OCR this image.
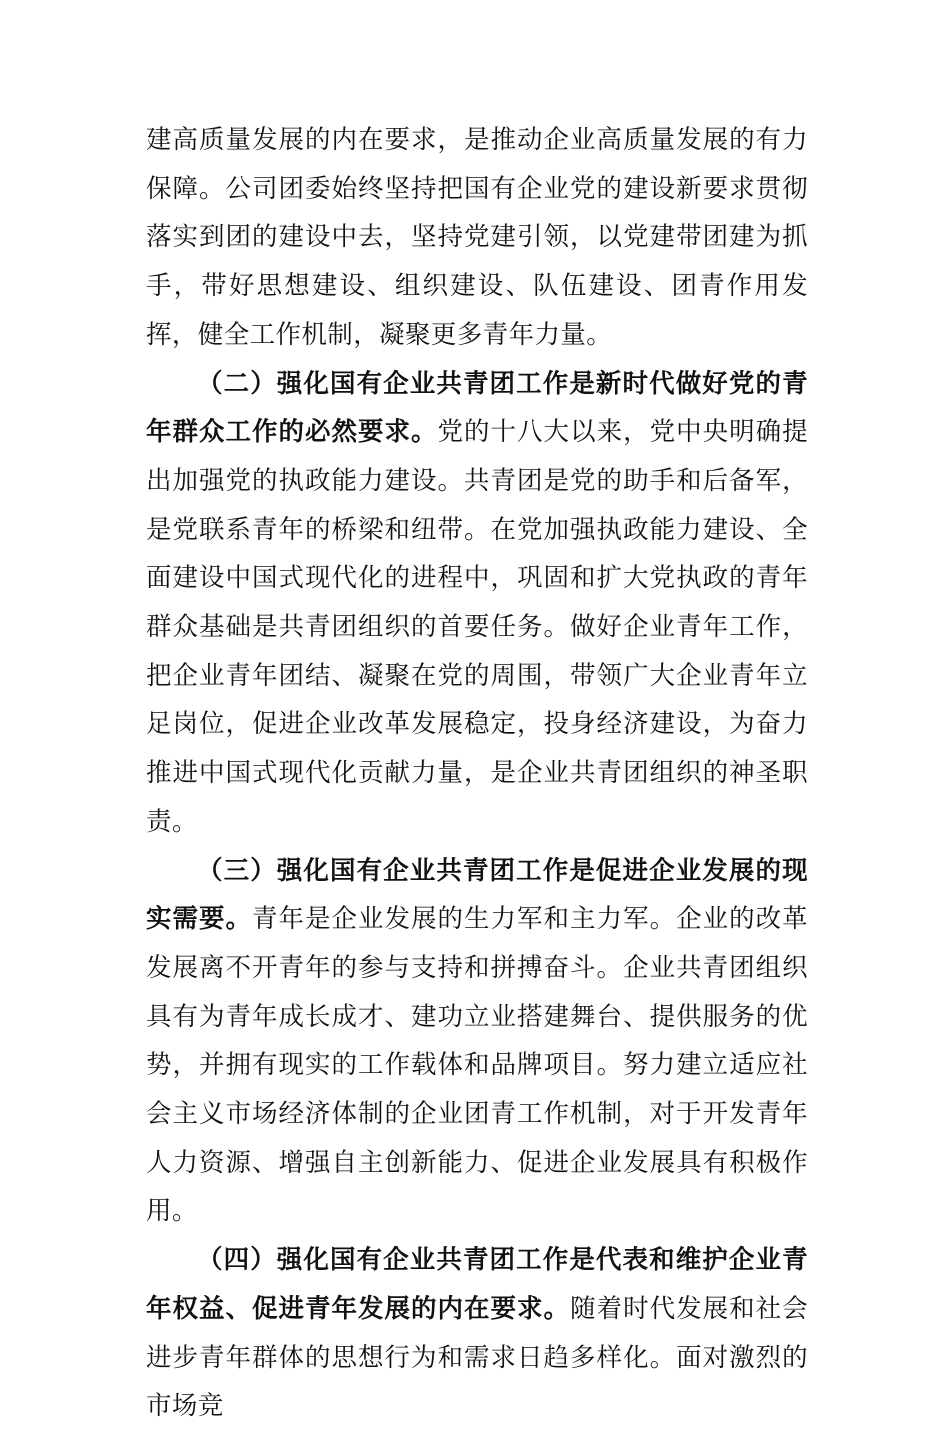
建高质量发展的内在要求，是推动企业高质量发展的有力保障。公司团委始终坚持把国有企业党的建设新要求贯彻落实到团的建设中去，坚持党建引领，以党建带团建为抓手，带好思想建设、组织建设、队伍建设、团青作用发挥，健全工作机制，凝聚更多青年力量。

（二）强化国有企业共青团工作是新时代做好党的青年群众工作的必然要求。党的十八大以来，党中央明确提出加强党的执政能力建设。共青团是党的助手和后备军，是党联系青年的桥梁和纽带。在党加强执政能力建设、全面建设中国式现代化的进程中，巩固和扩大党执政的青年群众基础是共青团组织的首要任务。做好企业青年工作，把企业青年团结、凝聚在党的周围，带领广大企业青年立足岗位，促进企业改革发展稳定，投身经济建设，为奋力推进中国式现代化贡献力量，是企业共青团组织的神圣职责。

（三）强化国有企业共青团工作是促进企业发展的现实需要。青年是企业发展的生力军和主力军。企业的改革发展离不开青年的参与支持和拼搏奋斗。企业共青团组织具有为青年成长成才、建功立业搭建舞台、提供服务的优势，并拥有现实的工作载体和品牌项目。努力建立适应社会主义市场经济体制的企业团青工作机制，对于开发青年人力资源、增强自主创新能力、促进企业发展具有积极作用。

（四）强化国有企业共青团工作是代表和维护企业青年权益、促进青年发展的内在要求。随着时代发展和社会进步青年群体的思想行为和需求日趋多样化。面对激烈的市场竞
